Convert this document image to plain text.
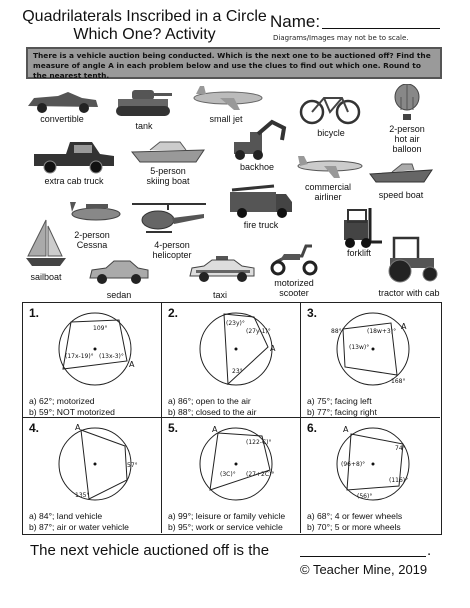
Quadrilaterals Inscribed in a Circle
Which One? Activity
Name:
Diagrams/Images may not be to scale.
There is a vehicle auction being conducted. Which is the next one to be auctioned off? Find the measure of angle A in each problem below and use the clues to find out which one. Round to the nearest tenth.
convertible
tank
small jet
bicycle	2-person
hot air
balloon
backhoe
extra cab truck
5-person
skiing boat
commercial
airliner	speed boat
fire truck
2-person
Cessna	4-person
helicopter	forklift
sailboat
sedan	taxi
motorized
scooter	tractor with cab
1.
109°
(17x-19)° (13x-3)°
A
a) 62°; motorized
b) 59°; NOT motorized
2.
(23y)°
(27y-1)°
23°
A
a) 86°; open to the air
b) 88°; closed to the air
3.
88°	(18w+3)°
(13w)°
168°
A
a) 75°; facing left
b) 77°; facing right
4.
57°
135°
A
a) 84°; land vehicle
b) 87°; air or water vehicle
5.
(122-C)°
(3C)° (27+2C)°
A
a) 99°; leisure or family vehicle
b) 95°; work or service vehicle
6.
74°
(96+8)°
(116)°
(56)°
A
a) 68°; 4 or fewer wheels
b) 70°; 5 or more wheels
The next vehicle auctioned off is the	.
© Teacher Mine, 2019
